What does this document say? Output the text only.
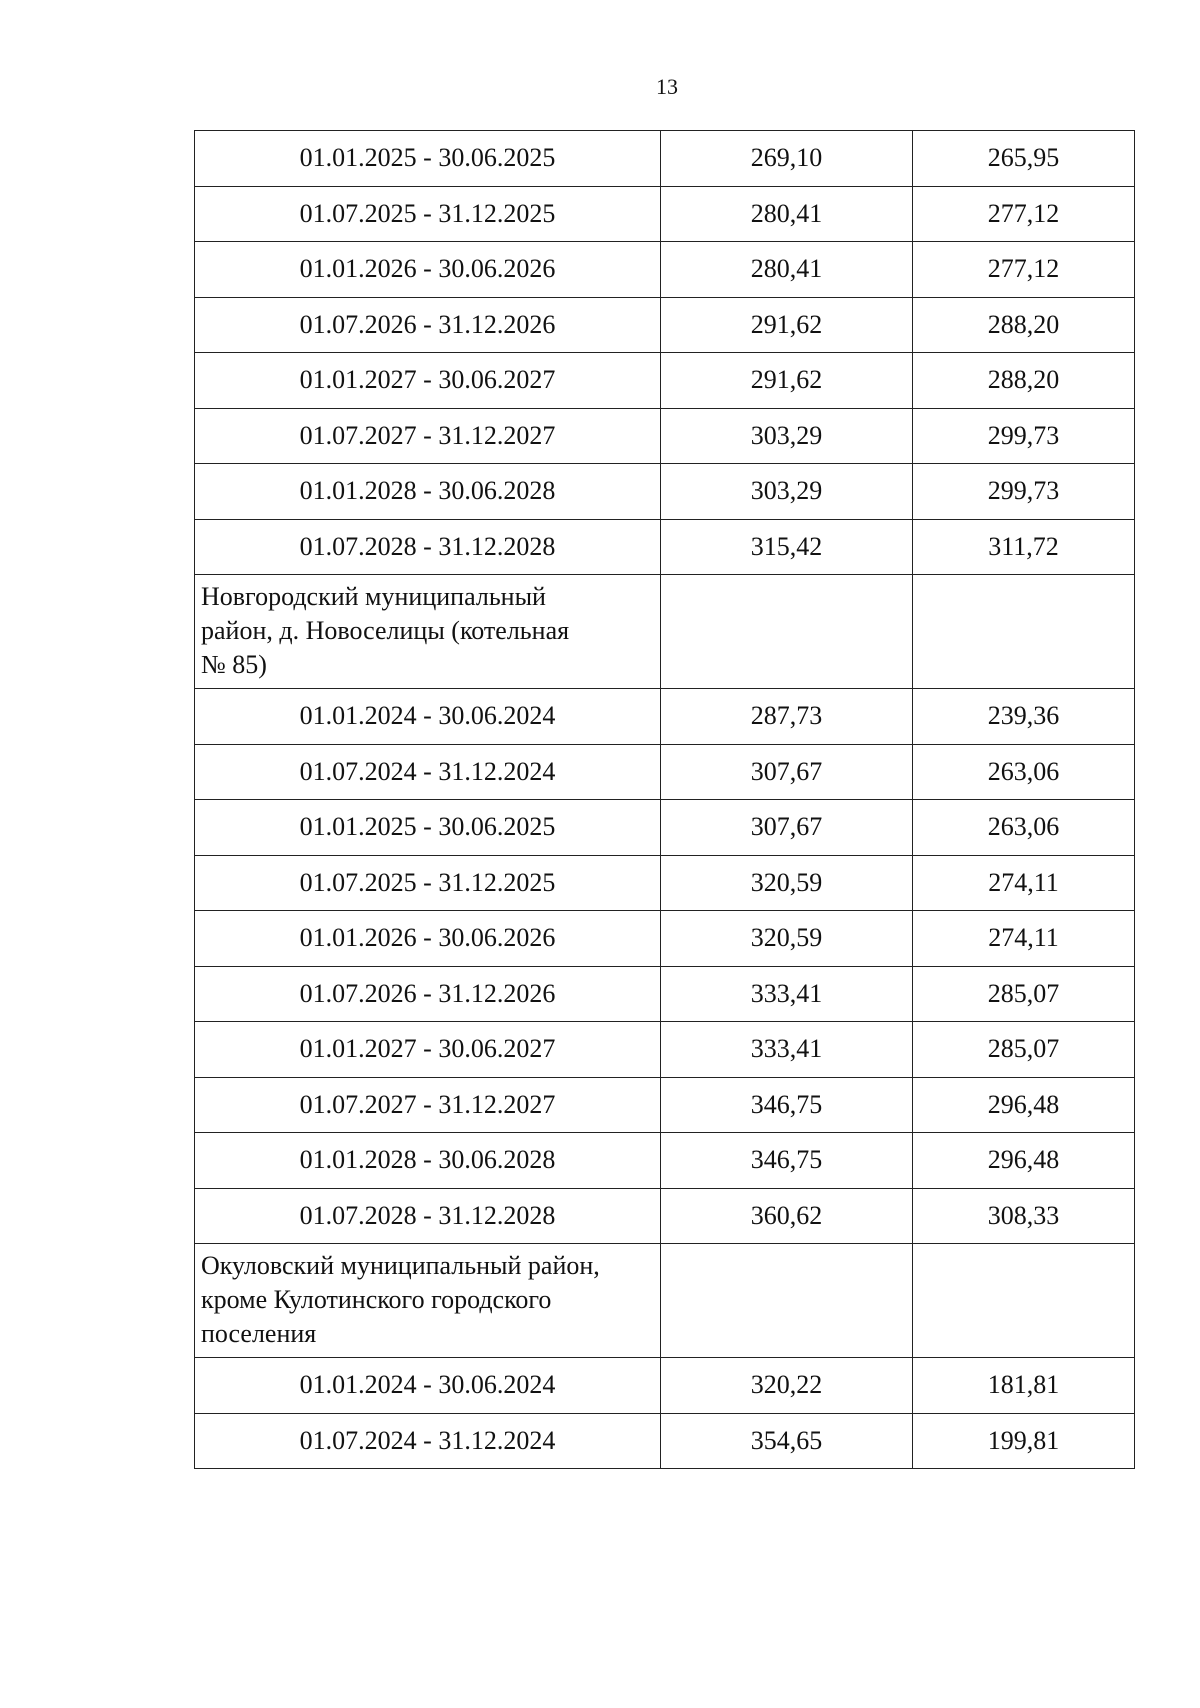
13
01.01.2025 - 30.06.2025	269,10	265,95
01.07.2025 - 31.12.2025	280,41	277,12
01.01.2026 - 30.06.2026	280,41	277,12
01.07.2026 - 31.12.2026	291,62	288,20
01.01.2027 - 30.06.2027	291,62	288,20
01.07.2027 - 31.12.2027	303,29	299,73
01.01.2028 - 30.06.2028	303,29	299,73
01.07.2028 - 31.12.2028	315,42	311,72

Новгородский муниципальный
район, д. Новоселицы (котельная
№ 85)		

01.01.2024 - 30.06.2024	287,73	239,36
01.07.2024 - 31.12.2024	307,67	263,06
01.01.2025 - 30.06.2025	307,67	263,06
01.07.2025 - 31.12.2025	320,59	274,11
01.01.2026 - 30.06.2026	320,59	274,11
01.07.2026 - 31.12.2026	333,41	285,07
01.01.2027 - 30.06.2027	333,41	285,07
01.07.2027 - 31.12.2027	346,75	296,48
01.01.2028 - 30.06.2028	346,75	296,48
01.07.2028 - 31.12.2028	360,62	308,33

Окуловский муниципальный район,
кроме Кулотинского городского
поселения		

01.01.2024 - 30.06.2024	320,22	181,81
01.07.2024 - 31.12.2024	354,65	199,81
